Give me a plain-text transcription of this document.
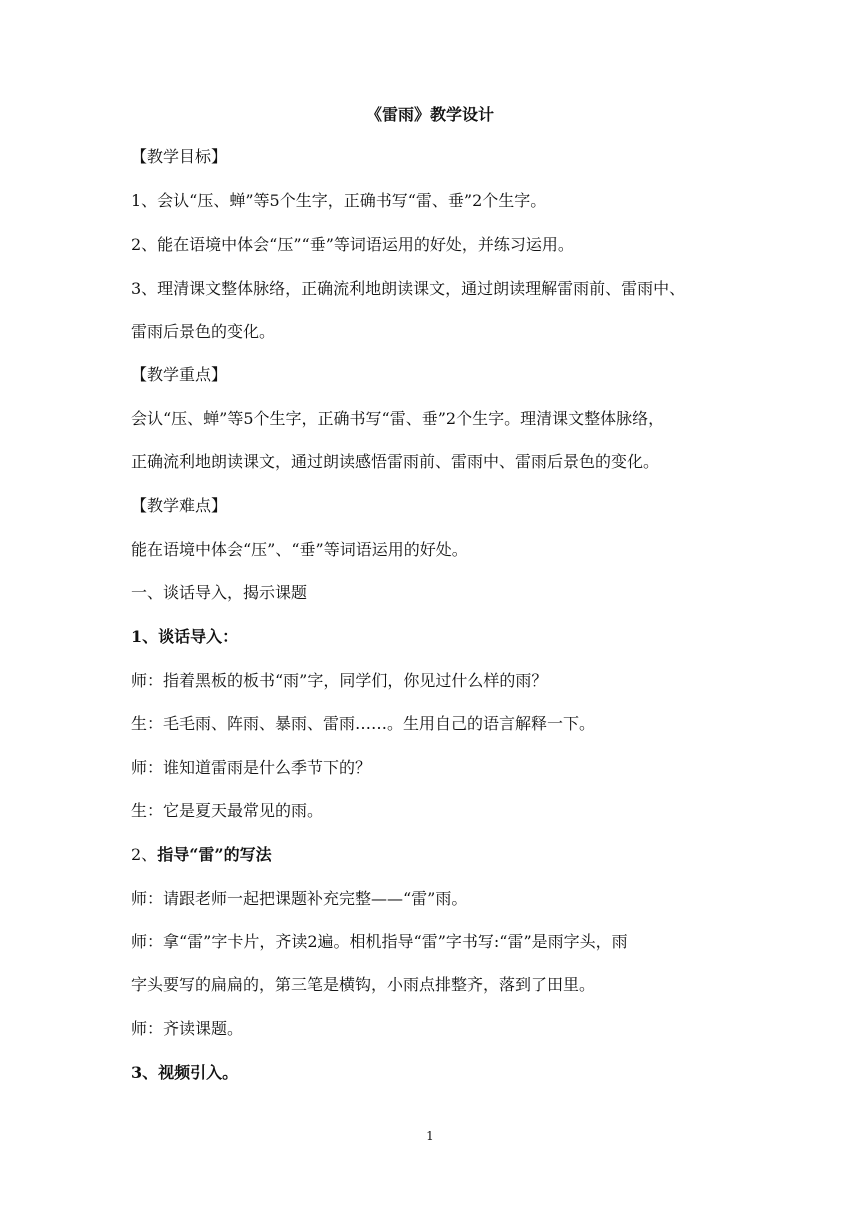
《雷雨》教学设计

【教学目标】

1、会认“压、蝉”等5个生字，正确书写“雷、垂”2个生字。

2、能在语境中体会“压”“垂”等词语运用的好处，并练习运用。

3、理清课文整体脉络，正确流利地朗读课文，通过朗读理解雷雨前、雷雨中、

雷雨后景色的变化。

【教学重点】

会认“压、蝉”等5个生字，正确书写“雷、垂”2个生字。理清课文整体脉络，

正确流利地朗读课文，通过朗读感悟雷雨前、雷雨中、雷雨后景色的变化。

【教学难点】

能在语境中体会“压”、“垂”等词语运用的好处。

一、谈话导入，揭示课题

1、谈话导入：

师：指着黑板的板书“雨”字，同学们，你见过什么样的雨？

生：毛毛雨、阵雨、暴雨、雷雨……。生用自己的语言解释一下。

师：谁知道雷雨是什么季节下的？

生：它是夏天最常见的雨。

2、指导“雷”的写法

师：请跟老师一起把课题补充完整——“雷”雨。

师：拿“雷”字卡片，齐读2遍。相机指导“雷”字书写:“雷”是雨字头，雨

字头要写的扁扁的，第三笔是横钩，小雨点排整齐，落到了田里。

师：齐读课题。

3、视频引入。

1
